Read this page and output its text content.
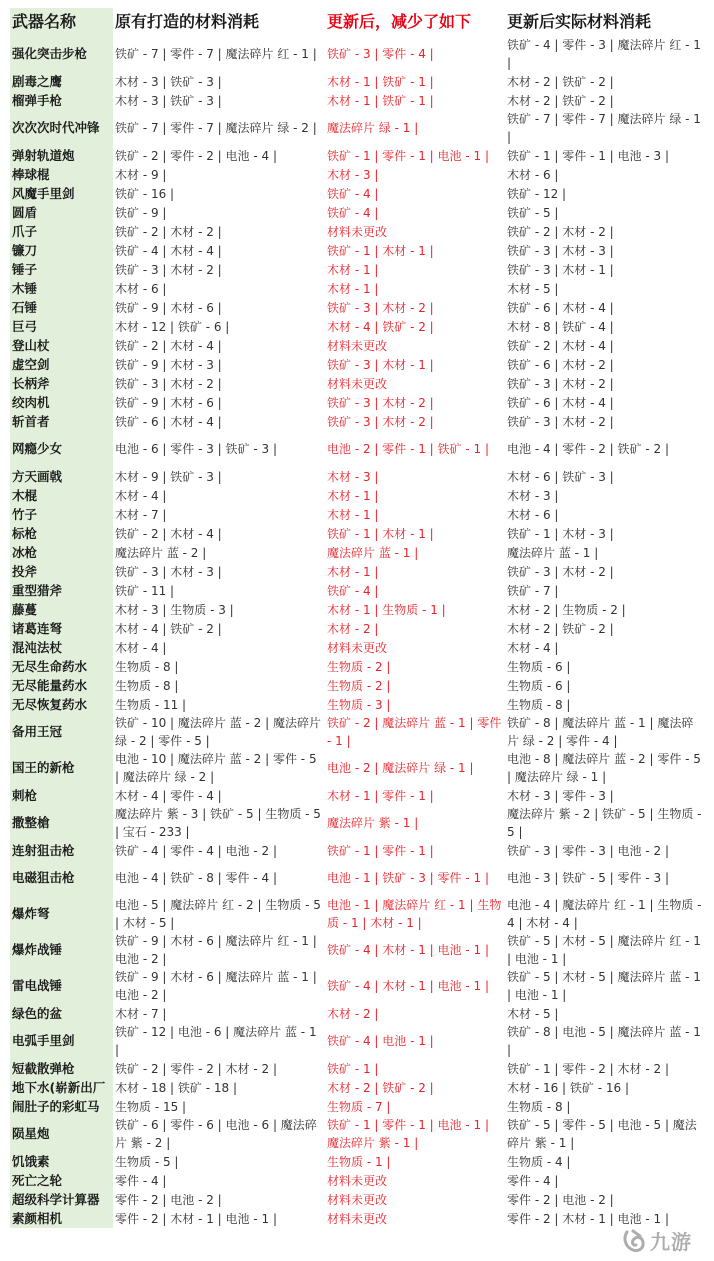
武器名称	原有打造的材料消耗	更新后，减少了如下	更新后实际材料消耗
强化突击步枪	铁矿 - 7 | 零件 - 7 | 魔法碎片 红 - 1 |	铁矿 - 3 | 零件 - 4 |	铁矿 - 4 | 零件 - 3 | 魔法碎片 红 - 1 |
剧毒之鹰	木材 - 3 | 铁矿 - 3 |	木材 - 1 | 铁矿 - 1 |	木材 - 2 | 铁矿 - 2 |
榴弹手枪	木材 - 3 | 铁矿 - 3 |	木材 - 1 | 铁矿 - 1 |	木材 - 2 | 铁矿 - 2 |
次次次时代冲锋	铁矿 - 7 | 零件 - 7 | 魔法碎片 绿 - 2 |	魔法碎片 绿 - 1 |	铁矿 - 7 | 零件 - 7 | 魔法碎片 绿 - 1 |
弹射轨道炮	铁矿 - 2 | 零件 - 2 | 电池 - 4 |	铁矿 - 1 | 零件 - 1 | 电池 - 1 |	铁矿 - 1 | 零件 - 1 | 电池 - 3 |
棒球棍	木材 - 9 |	木材 - 3 |	木材 - 6 |
风魔手里剑	铁矿 - 16 |	铁矿 - 4 |	铁矿 - 12 |
圆盾	铁矿 - 9 |	铁矿 - 4 |	铁矿 - 5 |
爪子	铁矿 - 2 | 木材 - 2 |	材料未更改	铁矿 - 2 | 木材 - 2 |
镰刀	铁矿 - 4 | 木材 - 4 |	铁矿 - 1 | 木材 - 1 |	铁矿 - 3 | 木材 - 3 |
锤子	铁矿 - 3 | 木材 - 2 |	木材 - 1 |	铁矿 - 3 | 木材 - 1 |
木锤	木材 - 6 |	木材 - 1 |	木材 - 5 |
石锤	铁矿 - 9 | 木材 - 6 |	铁矿 - 3 | 木材 - 2 |	铁矿 - 6 | 木材 - 4 |
巨弓	木材 - 12 | 铁矿 - 6 |	木材 - 4 | 铁矿 - 2 |	木材 - 8 | 铁矿 - 4 |
登山杖	铁矿 - 2 | 木材 - 4 |	材料未更改	铁矿 - 2 | 木材 - 4 |
虚空剑	铁矿 - 9 | 木材 - 3 |	铁矿 - 3 | 木材 - 1 |	铁矿 - 6 | 木材 - 2 |
长柄斧	铁矿 - 3 | 木材 - 2 |	材料未更改	铁矿 - 3 | 木材 - 2 |
绞肉机	铁矿 - 9 | 木材 - 6 |	铁矿 - 3 | 木材 - 2 |	铁矿 - 6 | 木材 - 4 |
斩首者	铁矿 - 6 | 木材 - 4 |	铁矿 - 3 | 木材 - 2 |	铁矿 - 3 | 木材 - 2 |
网瘾少女	电池 - 6 | 零件 - 3 | 铁矿 - 3 |	电池 - 2 | 零件 - 1 | 铁矿 - 1 |	电池 - 4 | 零件 - 2 | 铁矿 - 2 |
方天画戟	木材 - 9 | 铁矿 - 3 |	木材 - 3 |	木材 - 6 | 铁矿 - 3 |
木棍	木材 - 4 |	木材 - 1 |	木材 - 3 |
竹子	木材 - 7 |	木材 - 1 |	木材 - 6 |
标枪	铁矿 - 2 | 木材 - 4 |	铁矿 - 1 | 木材 - 1 |	铁矿 - 1 | 木材 - 3 |
冰枪	魔法碎片 蓝 - 2 |	魔法碎片 蓝 - 1 |	魔法碎片 蓝 - 1 |
投斧	铁矿 - 3 | 木材 - 3 |	木材 - 1 |	铁矿 - 3 | 木材 - 2 |
重型猎斧	铁矿 - 11 |	铁矿 - 4 |	铁矿 - 7 |
藤蔓	木材 - 3 | 生物质 - 3 |	木材 - 1 | 生物质 - 1 |	木材 - 2 | 生物质 - 2 |
诸葛连弩	木材 - 4 | 铁矿 - 2 |	木材 - 2 |	木材 - 2 | 铁矿 - 2 |
混沌法杖	木材 - 4 |	材料未更改	木材 - 4 |
无尽生命药水	生物质 - 8 |	生物质 - 2 |	生物质 - 6 |
无尽能量药水	生物质 - 8 |	生物质 - 2 |	生物质 - 6 |
无尽恢复药水	生物质 - 11 |	生物质 - 3 |	生物质 - 8 |
备用王冠	铁矿 - 10 | 魔法碎片 蓝 - 2 | 魔法碎片 绿 - 2 | 零件 - 5 |	铁矿 - 2 | 魔法碎片 蓝 - 1 | 零件 - 1 |	铁矿 - 8 | 魔法碎片 蓝 - 1 | 魔法碎片 绿 - 2 | 零件 - 4 |
国王的新枪	电池 - 10 | 魔法碎片 蓝 - 2 | 零件 - 5 | 魔法碎片 绿 - 2 |	电池 - 2 | 魔法碎片 绿 - 1 |	电池 - 8 | 魔法碎片 蓝 - 2 | 零件 - 5 | 魔法碎片 绿 - 1 |
刺枪	木材 - 4 | 零件 - 4 |	木材 - 1 | 零件 - 1 |	木材 - 3 | 零件 - 3 |
撒整槍	魔法碎片 紫 - 3 | 铁矿 - 5 | 生物质 - 5 | 宝石 - 233 |	魔法碎片 紫 - 1 |	魔法碎片 紫 - 2 | 铁矿 - 5 | 生物质 - 5 |
连射狙击枪	铁矿 - 4 | 零件 - 4 | 电池 - 2 |	铁矿 - 1 | 零件 - 1 |	铁矿 - 3 | 零件 - 3 | 电池 - 2 |
电磁狙击枪	电池 - 4 | 铁矿 - 8 | 零件 - 4 |	电池 - 1 | 铁矿 - 3 | 零件 - 1 |	电池 - 3 | 铁矿 - 5 | 零件 - 3 |
爆炸弩	电池 - 5 | 魔法碎片 红 - 2 | 生物质 - 5 | 木材 - 5 |	电池 - 1 | 魔法碎片 红 - 1 | 生物质 - 1 | 木材 - 1 |	电池 - 4 | 魔法碎片 红 - 1 | 生物质 - 4 | 木材 - 4 |
爆炸战锤	铁矿 - 9 | 木材 - 6 | 魔法碎片 红 - 1 | 电池 - 2 |	铁矿 - 4 | 木材 - 1 | 电池 - 1 |	铁矿 - 5 | 木材 - 5 | 魔法碎片 红 - 1 | 电池 - 1 |
雷电战锤	铁矿 - 9 | 木材 - 6 | 魔法碎片 蓝 - 1 | 电池 - 2 |	铁矿 - 4 | 木材 - 1 | 电池 - 1 |	铁矿 - 5 | 木材 - 5 | 魔法碎片 蓝 - 1 | 电池 - 1 |
绿色的盆	木材 - 7 |	木材 - 2 |	木材 - 5 |
电弧手里剑	铁矿 - 12 | 电池 - 6 | 魔法碎片 蓝 - 1 |	铁矿 - 4 | 电池 - 1 |	铁矿 - 8 | 电池 - 5 | 魔法碎片 蓝 - 1 |
短截散弹枪	铁矿 - 2 | 零件 - 2 | 木材 - 2 |	铁矿 - 1 |	铁矿 - 1 | 零件 - 2 | 木材 - 2 |
地下水(崭新出厂	木材 - 18 | 铁矿 - 18 |	木材 - 2 | 铁矿 - 2 |	木材 - 16 | 铁矿 - 16 |
闹肚子的彩虹马	生物质 - 15 |	生物质 - 7 |	生物质 - 8 |
陨星炮	铁矿 - 6 | 零件 - 6 | 电池 - 6 | 魔法碎片 紫 - 2 |	铁矿 - 1 | 零件 - 1 | 电池 - 1 | 魔法碎片 紫 - 1 |	铁矿 - 5 | 零件 - 5 | 电池 - 5 | 魔法碎片 紫 - 1 |
饥饿素	生物质 - 5 |	生物质 - 1 |	生物质 - 4 |
死亡之轮	零件 - 4 |	材料未更改	零件 - 4 |
超级科学计算器	零件 - 2 | 电池 - 2 |	材料未更改	零件 - 2 | 电池 - 2 |
素颜相机	零件 - 2 | 木材 - 1 | 电池 - 1 |	材料未更改	零件 - 2 | 木材 - 1 | 电池 - 1 |
九游
